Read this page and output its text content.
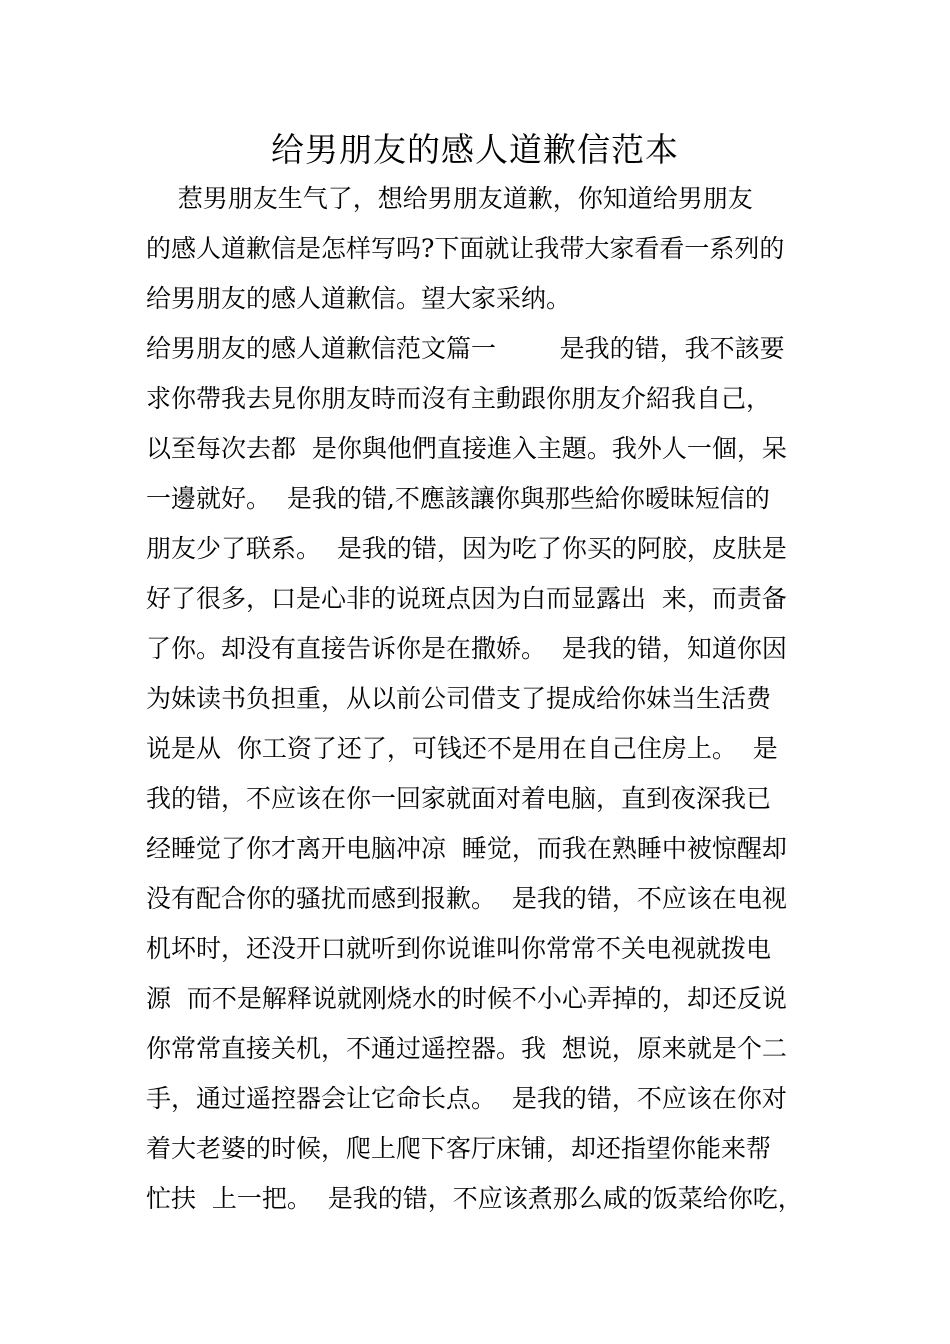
给男朋友的感人道歉信范本
惹男朋友生气了，想给男朋友道歉，你知道给男朋友
的感人道歉信是怎样写吗?下面就让我带大家看看一系列的
给男朋友的感人道歉信。望大家采纳。
给男朋友的感人道歉信范文篇一        是我的错，我不該要
求你帶我去見你朋友時而沒有主動跟你朋友介紹我自己，
以至每次去都  是你與他們直接進入主題。我外人一個，呆
一邊就好。  是我的错,不應該讓你與那些給你暧昧短信的
朋友少了联系。  是我的错，因为吃了你买的阿胶，皮肤是
好了很多，口是心非的说斑点因为白而显露出  来，而责备
了你。却没有直接告诉你是在撒娇。  是我的错，知道你因
为妹读书负担重，从以前公司借支了提成给你妹当生活费
说是从  你工资了还了，可钱还不是用在自己住房上。  是
我的错，不应该在你一回家就面对着电脑，直到夜深我已
经睡觉了你才离开电脑冲凉  睡觉，而我在熟睡中被惊醒却
没有配合你的骚扰而感到报歉。  是我的错，不应该在电视
机坏时，还没开口就听到你说谁叫你常常不关电视就拨电
源  而不是解释说就刚烧水的时候不小心弄掉的，却还反说
你常常直接关机，不通过遥控器。我  想说，原来就是个二
手，通过遥控器会让它命长点。  是我的错，不应该在你对
着大老婆的时候，爬上爬下客厅床铺，却还指望你能来帮
忙扶  上一把。  是我的错，不应该煮那么咸的饭菜给你吃，
